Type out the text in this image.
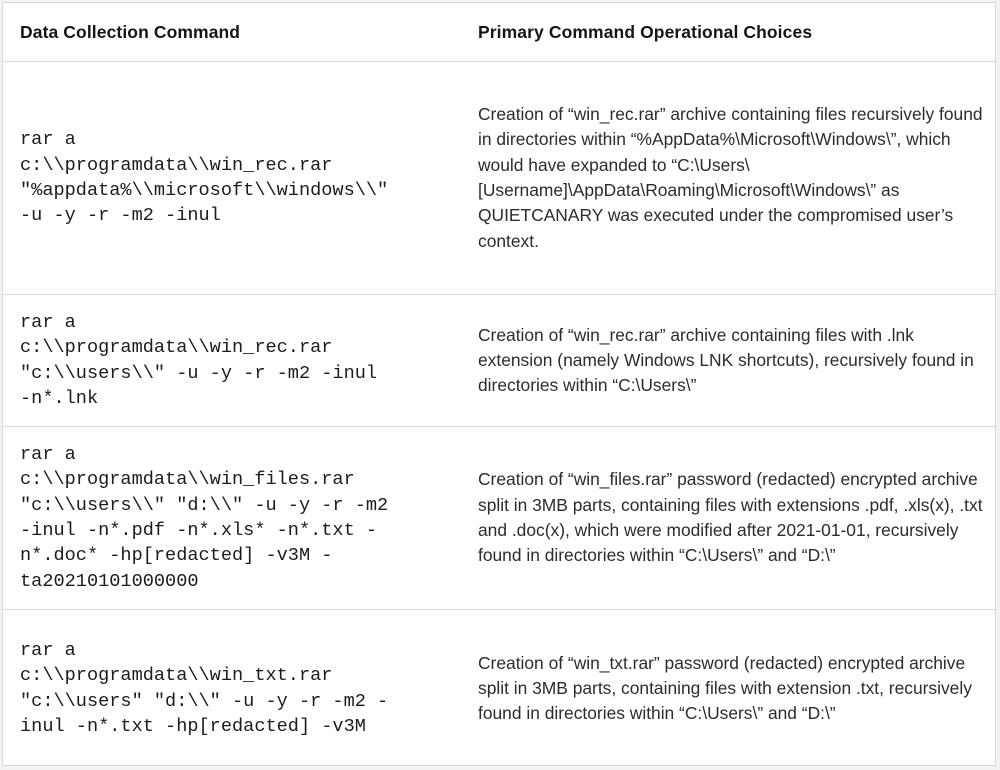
Data Collection Command	Primary Command Operational Choices
rar a
c:\\programdata\\win_rec.rar
"%appdata%\\microsoft\\windows\\"
-u -y -r -m2 -inul

Creation of “win_rec.rar” archive containing files recursively found in directories within “%AppData%\Microsoft\Windows\”, which would have expanded to “C:\Users\[Username]\AppData\Roaming\Microsoft\Windows\” as QUIETCANARY was executed under the compromised user’s context.

rar a
c:\\programdata\\win_rec.rar
"c:\\users\\" -u -y -r -m2 -inul
-n*.lnk

Creation of “win_rec.rar” archive containing files with .lnk extension (namely Windows LNK shortcuts), recursively found in directories within “C:\Users\”

rar a
c:\\programdata\\win_files.rar
"c:\\users\\" "d:\\" -u -y -r -m2
-inul -n*.pdf -n*.xls* -n*.txt -
n*.doc* -hp[redacted] -v3M -
ta20210101000000

Creation of “win_files.rar” password (redacted) encrypted archive split in 3MB parts, containing files with extensions .pdf, .xls(x), .txt and .doc(x), which were modified after 2021-01-01, recursively found in directories within “C:\Users\” and “D:\”

rar a
c:\\programdata\\win_txt.rar
"c:\\users" "d:\\" -u -y -r -m2 -
inul -n*.txt -hp[redacted] -v3M

Creation of “win_txt.rar” password (redacted) encrypted archive split in 3MB parts, containing files with extension .txt, recursively found in directories within “C:\Users\” and “D:\”
